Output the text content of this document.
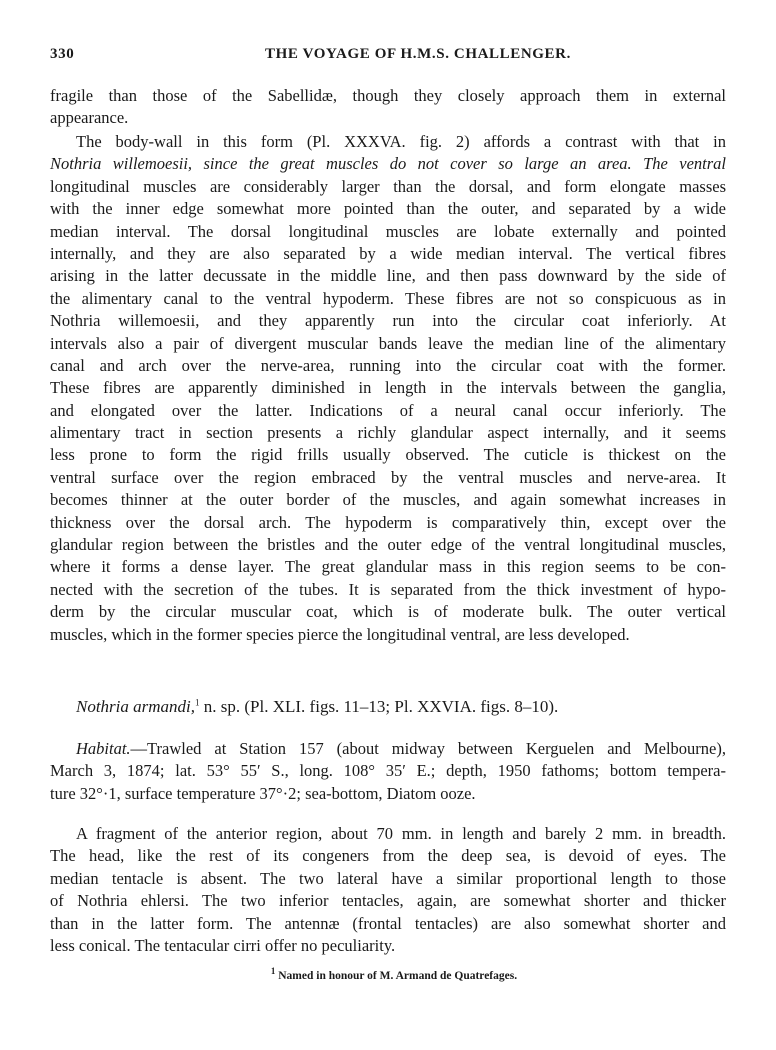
330	THE VOYAGE OF H.M.S. CHALLENGER.
fragile than those of the Sabellidæ, though they closely approach them in external
appearance.
The body-wall in this form (Pl. XXXVA. fig. 2) affords a contrast with that in
Nothria willemoesii, since the great muscles do not cover so large an area. The ventral
longitudinal muscles are considerably larger than the dorsal, and form elongate masses
with the inner edge somewhat more pointed than the outer, and separated by a wide
median interval. The dorsal longitudinal muscles are lobate externally and pointed
internally, and they are also separated by a wide median interval. The vertical fibres
arising in the latter decussate in the middle line, and then pass downward by the side of
the alimentary canal to the ventral hypoderm. These fibres are not so conspicuous as in
Nothria willemoesii, and they apparently run into the circular coat inferiorly. At
intervals also a pair of divergent muscular bands leave the median line of the alimentary
canal and arch over the nerve-area, running into the circular coat with the former.
These fibres are apparently diminished in length in the intervals between the ganglia,
and elongated over the latter. Indications of a neural canal occur inferiorly. The
alimentary tract in section presents a richly glandular aspect internally, and it seems
less prone to form the rigid frills usually observed. The cuticle is thickest on the
ventral surface over the region embraced by the ventral muscles and nerve-area. It
becomes thinner at the outer border of the muscles, and again somewhat increases in
thickness over the dorsal arch. The hypoderm is comparatively thin, except over the
glandular region between the bristles and the outer edge of the ventral longitudinal muscles,
where it forms a dense layer. The great glandular mass in this region seems to be con-
nected with the secretion of the tubes. It is separated from the thick investment of hypo-
derm by the circular muscular coat, which is of moderate bulk. The outer vertical
muscles, which in the former species pierce the longitudinal ventral, are less developed.
Nothria armandi,$^1$ n. sp. (Pl. XLI. figs. 11–13; Pl. XXVIA. figs. 8–10).
Habitat.—Trawled at Station 157 (about midway between Kerguelen and Melbourne),
March 3, 1874; lat. 53° 55′ S., long. 108° 35′ E.; depth, 1950 fathoms; bottom tempera-
ture 32°·1, surface temperature 37°·2; sea-bottom, Diatom ooze.
A fragment of the anterior region, about 70 mm. in length and barely 2 mm. in breadth.
The head, like the rest of its congeners from the deep sea, is devoid of eyes. The
median tentacle is absent. The two lateral have a similar proportional length to those
of Nothria ehlersi. The two inferior tentacles, again, are somewhat shorter and thicker
than in the latter form. The antennæ (frontal tentacles) are also somewhat shorter and
less conical. The tentacular cirri offer no peculiarity.
$^1$ Named in honour of M. Armand de Quatrefages.
